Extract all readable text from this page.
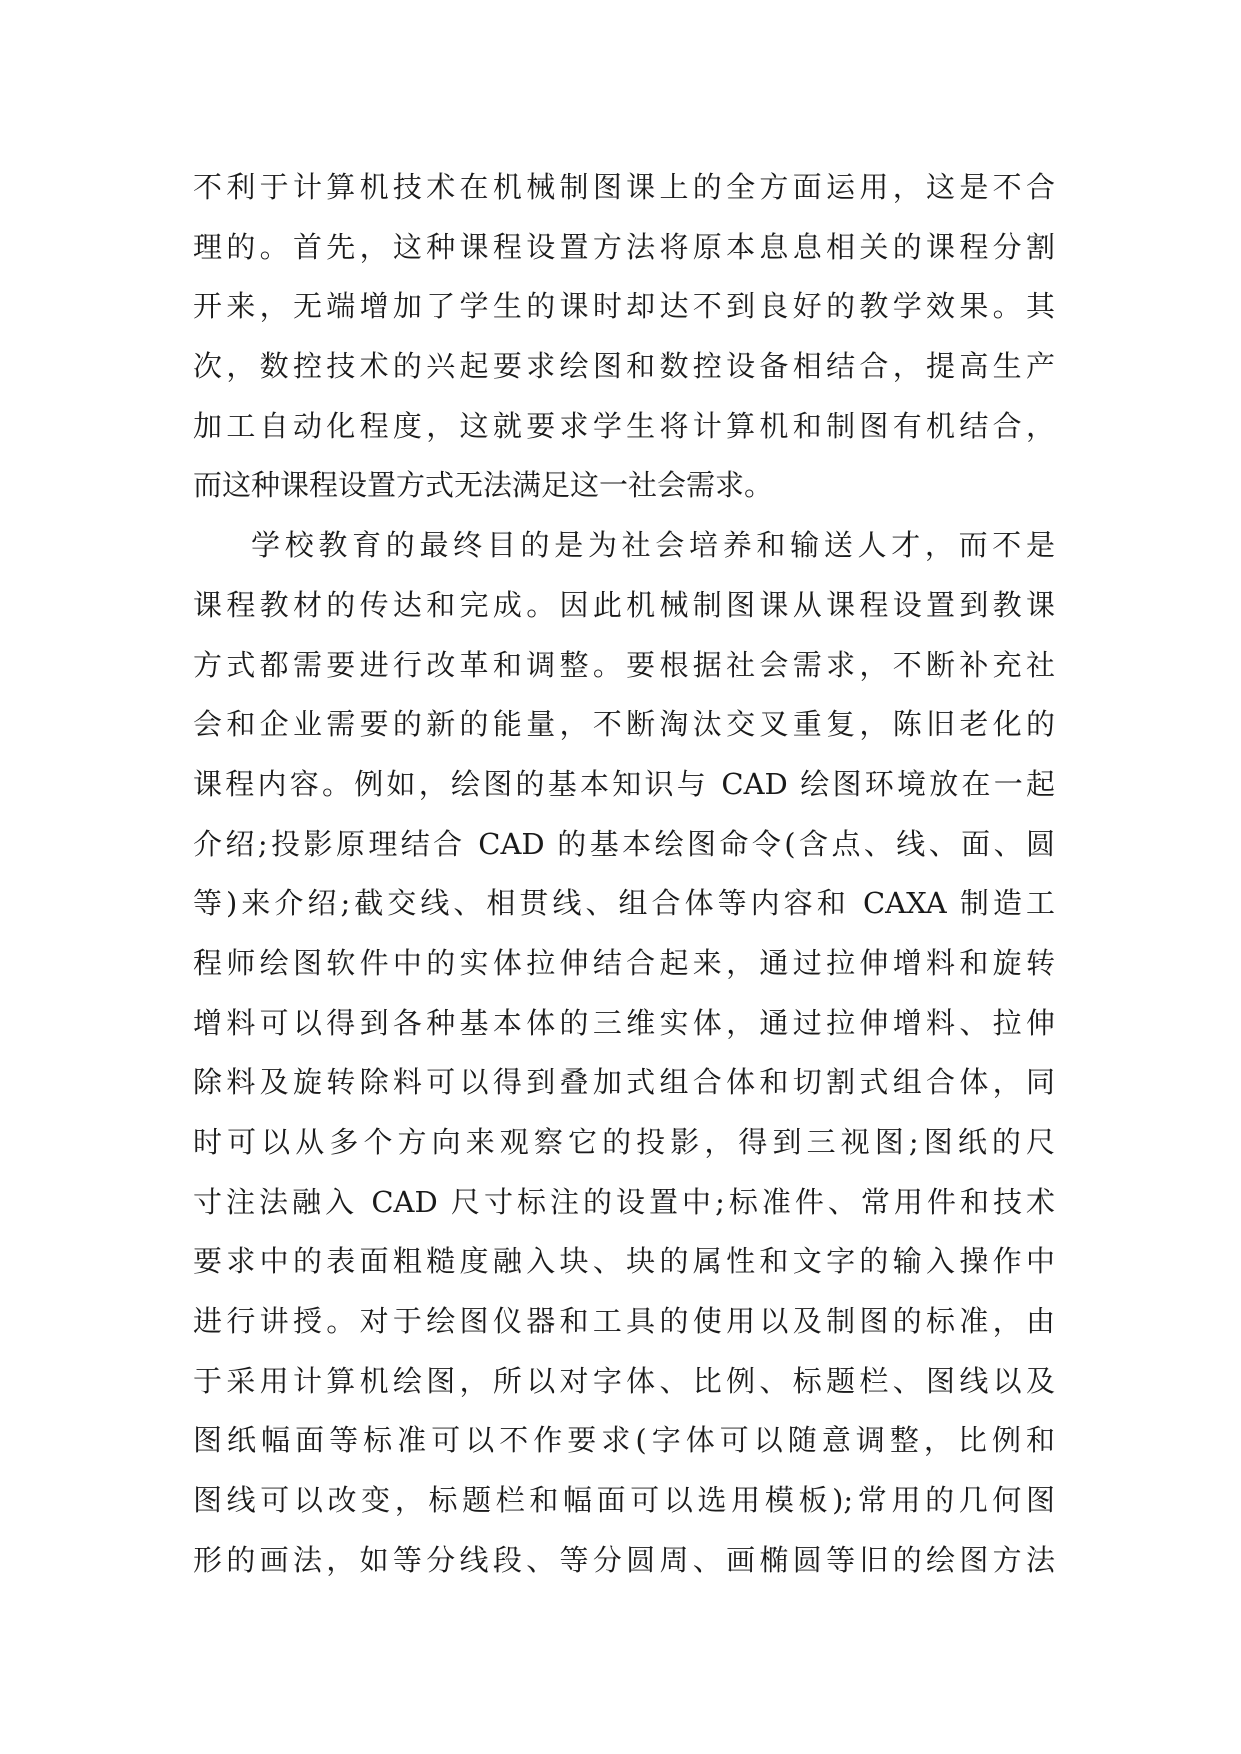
不利于计算机技术在机械制图课上的全方面运用，这是不合
理的。首先，这种课程设置方法将原本息息相关的课程分割
开来，无端增加了学生的课时却达不到良好的教学效果。其
次，数控技术的兴起要求绘图和数控设备相结合，提高生产
加工自动化程度，这就要求学生将计算机和制图有机结合，
而这种课程设置方式无法满足这一社会需求。
学校教育的最终目的是为社会培养和输送人才，而不是
课程教材的传达和完成。因此机械制图课从课程设置到教课
方式都需要进行改革和调整。要根据社会需求，不断补充社
会和企业需要的新的能量，不断淘汰交叉重复，陈旧老化的
课程内容。例如，绘图的基本知识与 CAD 绘图环境放在一起
介绍;投影原理结合 CAD 的基本绘图命令(含点、线、面、圆
等)来介绍;截交线、相贯线、组合体等内容和 CAXA 制造工
程师绘图软件中的实体拉伸结合起来，通过拉伸增料和旋转
增料可以得到各种基本体的三维实体，通过拉伸增料、拉伸
除料及旋转除料可以得到叠加式组合体和切割式组合体，同
时可以从多个方向来观察它的投影，得到三视图;图纸的尺
寸注法融入 CAD 尺寸标注的设置中;标准件、常用件和技术
要求中的表面粗糙度融入块、块的属性和文字的输入操作中
进行讲授。对于绘图仪器和工具的使用以及制图的标准，由
于采用计算机绘图，所以对字体、比例、标题栏、图线以及
图纸幅面等标准可以不作要求(字体可以随意调整，比例和
图线可以改变，标题栏和幅面可以选用模板);常用的几何图
形的画法，如等分线段、等分圆周、画椭圆等旧的绘图方法
